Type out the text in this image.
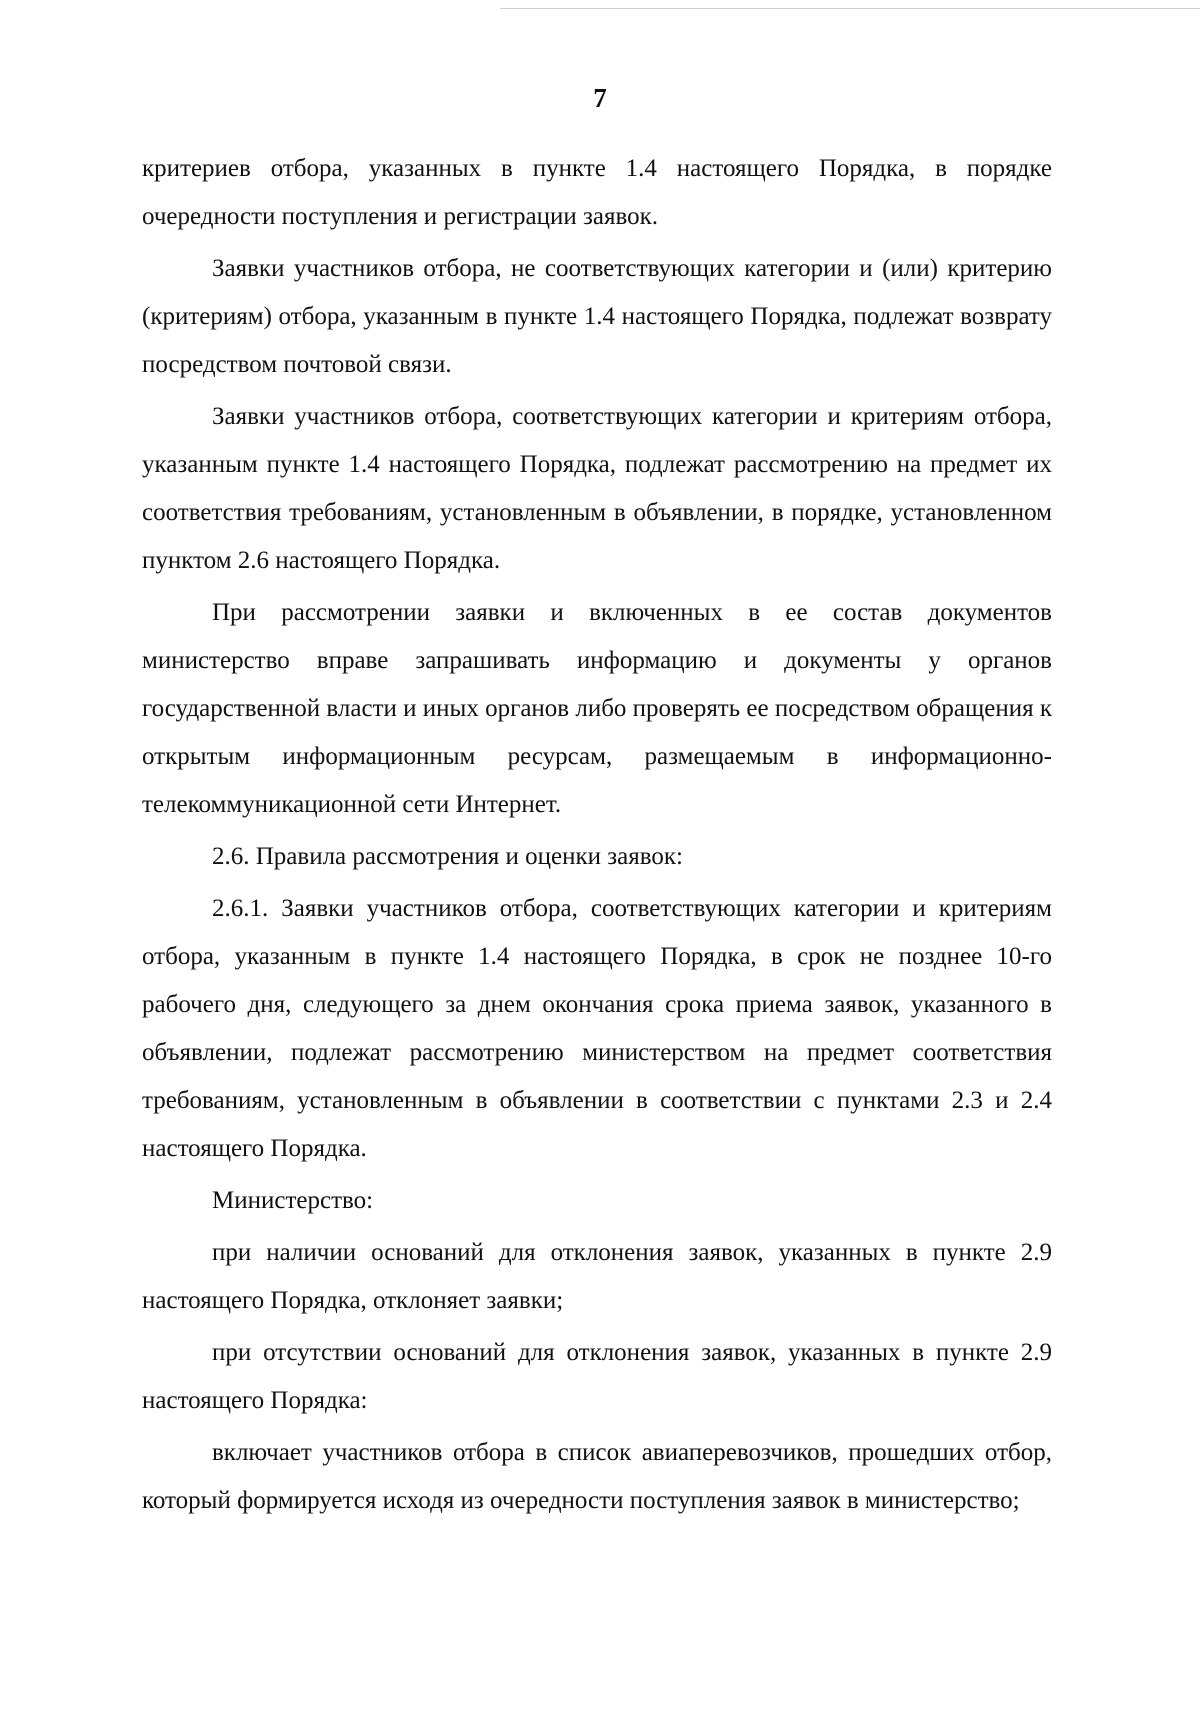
7

критериев отбора, указанных в пункте 1.4 настоящего Порядка, в порядке очередности поступления и регистрации заявок.

Заявки участников отбора, не соответствующих категории и (или) критерию (критериям) отбора, указанным в пункте 1.4 настоящего Порядка, подлежат возврату посредством почтовой связи.

Заявки участников отбора, соответствующих категории и критериям отбора, указанным пункте 1.4 настоящего Порядка, подлежат рассмотрению на предмет их соответствия требованиям, установленным в объявлении, в порядке, установленном пунктом 2.6 настоящего Порядка.

При рассмотрении заявки и включенных в ее состав документов министерство вправе запрашивать информацию и документы у органов государственной власти и иных органов либо проверять ее посредством обращения к открытым информационным ресурсам, размещаемым в информационно-телекоммуникационной сети Интернет.

2.6. Правила рассмотрения и оценки заявок:

2.6.1. Заявки участников отбора, соответствующих категории и критериям отбора, указанным в пункте 1.4 настоящего Порядка, в срок не позднее 10-го рабочего дня, следующего за днем окончания срока приема заявок, указанного в объявлении, подлежат рассмотрению министерством на предмет соответствия требованиям, установленным в объявлении в соответствии с пунктами 2.3 и 2.4 настоящего Порядка.

Министерство:

при наличии оснований для отклонения заявок, указанных в пункте 2.9 настоящего Порядка, отклоняет заявки;

при отсутствии оснований для отклонения заявок, указанных в пункте 2.9 настоящего Порядка:

включает участников отбора в список авиаперевозчиков, прошедших отбор, который формируется исходя из очередности поступления заявок в министерство;
